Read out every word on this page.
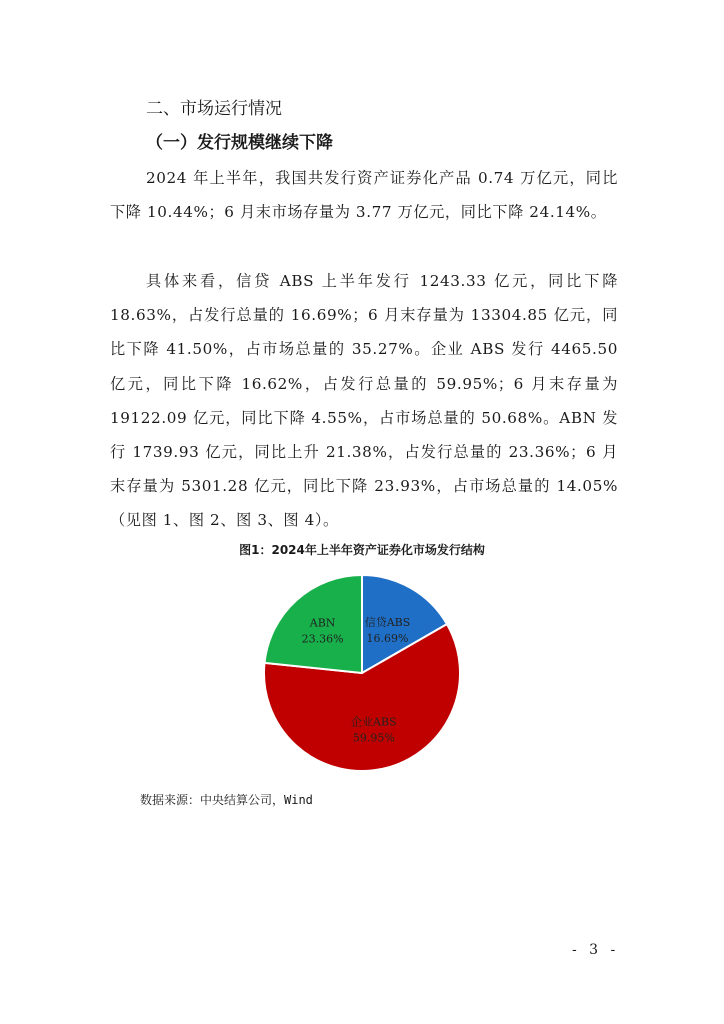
二、市场运行情况
（一）发行规模继续下降

2024 年上半年，我国共发行资产证券化产品 0.74 万亿元，同比下降 10.44%；6 月末市场存量为 3.77 万亿元，同比下降 24.14%。

具体来看，信贷 ABS 上半年发行 1243.33 亿元，同比下降 18.63%，占发行总量的 16.69%；6 月末存量为 13304.85 亿元，同比下降 41.50%，占市场总量的 35.27%。企业 ABS 发行 4465.50 亿元，同比下降 16.62%，占发行总量的 59.95%；6 月末存量为 19122.09 亿元，同比下降 4.55%，占市场总量的 50.68%。ABN 发行 1739.93 亿元，同比上升 21.38%，占发行总量的 23.36%；6 月末存量为 5301.28 亿元，同比下降 23.93%，占市场总量的 14.05%（见图 1、图 2、图 3、图 4）。

图1：2024年上半年资产证券化市场发行结构
信贷ABS
16.69%
企业ABS
59.95%
ABN
23.36%
数据来源：中央结算公司，Wind
- 3 -
